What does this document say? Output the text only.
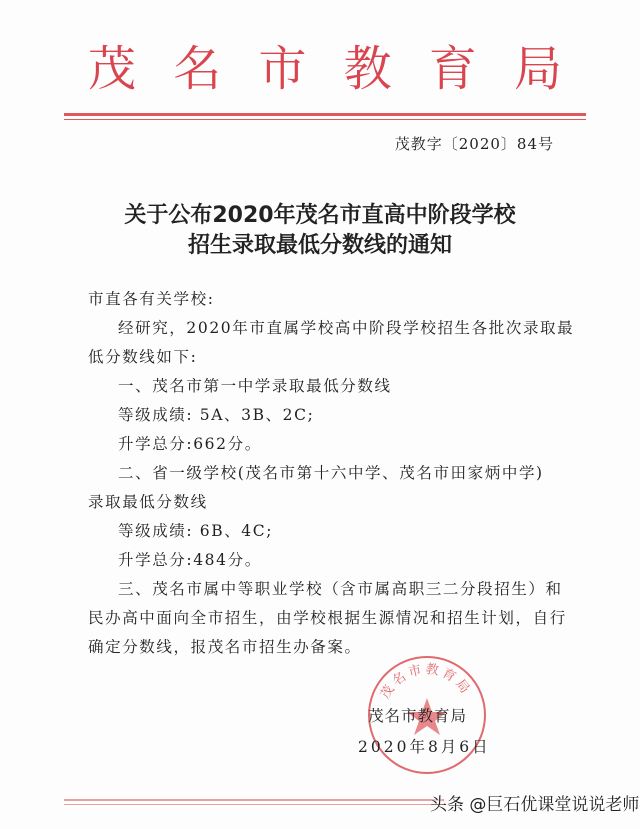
茂 名 市 教 育 局
茂教字〔2020〕84号
关于公布2020年茂名市直高中阶段学校
招生录取最低分数线的通知
市直各有关学校:
经研究，2020年市直属学校高中阶段学校招生各批次录取最
低分数线如下:
一、茂名市第一中学录取最低分数线
等级成绩: 5A、3B、2C;
升学总分:662分。
二、省一级学校(茂名市第十六中学、茂名市田家炳中学)
录取最低分数线
等级成绩: 6B、4C;
升学总分:484分。
三、茂名市属中等职业学校（含市属高职三二分段招生）和
民办高中面向全市招生，由学校根据生源情况和招生计划，自行
确定分数线，报茂名市招生办备案。
茂名市教育局
茂名市教育局
2020年8月6日
头条 @巨石优课堂说说老师
